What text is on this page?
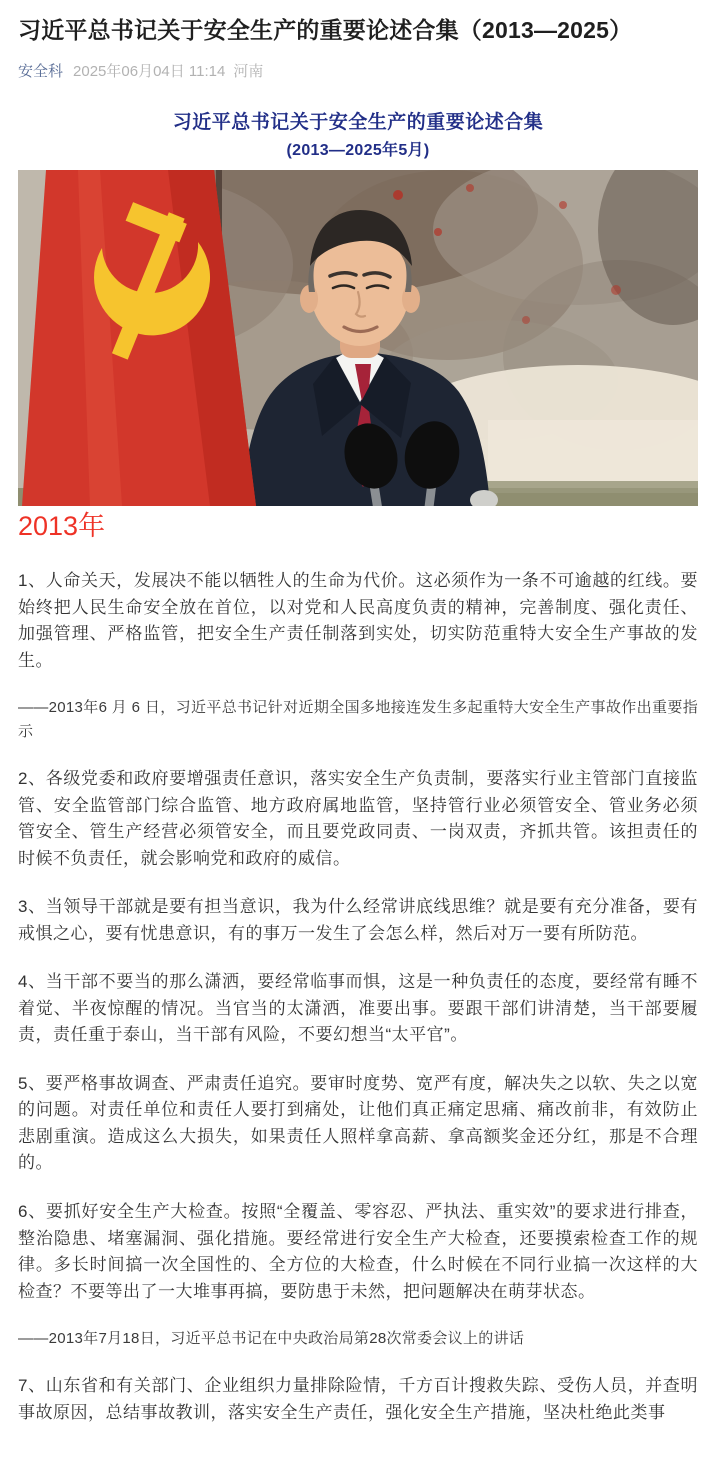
习近平总书记关于安全生产的重要论述合集（2013—2025）
安全科 2025年06月04日 11:14 河南
习近平总书记关于安全生产的重要论述合集
(2013—2025年5月)
2013年
1、人命关天，发展决不能以牺牲人的生命为代价。这必须作为一条不可逾越的红线。要始终把人民生命安全放在首位，以对党和人民高度负责的精神，完善制度、强化责任、加强管理、严格监管，把安全生产责任制落到实处，切实防范重特大安全生产事故的发生。
——2013年6 月 6 日，习近平总书记针对近期全国多地接连发生多起重特大安全生产事故作出重要指示
2、各级党委和政府要增强责任意识，落实安全生产负责制，要落实行业主管部门直接监管、安全监管部门综合监管、地方政府属地监管，坚持管行业必须管安全、管业务必须管安全、管生产经营必须管安全，而且要党政同责、一岗双责，齐抓共管。该担责任的时候不负责任，就会影响党和政府的威信。
3、当领导干部就是要有担当意识，我为什么经常讲底线思维？就是要有充分准备，要有戒惧之心，要有忧患意识，有的事万一发生了会怎么样，然后对万一要有所防范。
4、当干部不要当的那么潇洒，要经常临事而惧，这是一种负责任的态度，要经常有睡不着觉、半夜惊醒的情况。当官当的太潇洒，准要出事。要跟干部们讲清楚，当干部要履责，责任重于泰山，当干部有风险，不要幻想当“太平官”。
5、要严格事故调查、严肃责任追究。要审时度势、宽严有度，解决失之以软、失之以宽的问题。对责任单位和责任人要打到痛处，让他们真正痛定思痛、痛改前非，有效防止悲剧重演。造成这么大损失，如果责任人照样拿高薪、拿高额奖金还分红，那是不合理的。
6、要抓好安全生产大检查。按照“全覆盖、零容忍、严执法、重实效”的要求进行排查，整治隐患、堵塞漏洞、强化措施。要经常进行安全生产大检查，还要摸索检查工作的规律。多长时间搞一次全国性的、全方位的大检查，什么时候在不同行业搞一次这样的大检查？不要等出了一大堆事再搞，要防患于未然，把问题解决在萌芽状态。
——2013年7月18日，习近平总书记在中央政治局第28次常委会议上的讲话
7、山东省和有关部门、企业组织力量排除险情，千方百计搜救失踪、受伤人员，并查明事故原因，总结事故教训，落实安全生产责任，强化安全生产措施，坚决杜绝此类事
